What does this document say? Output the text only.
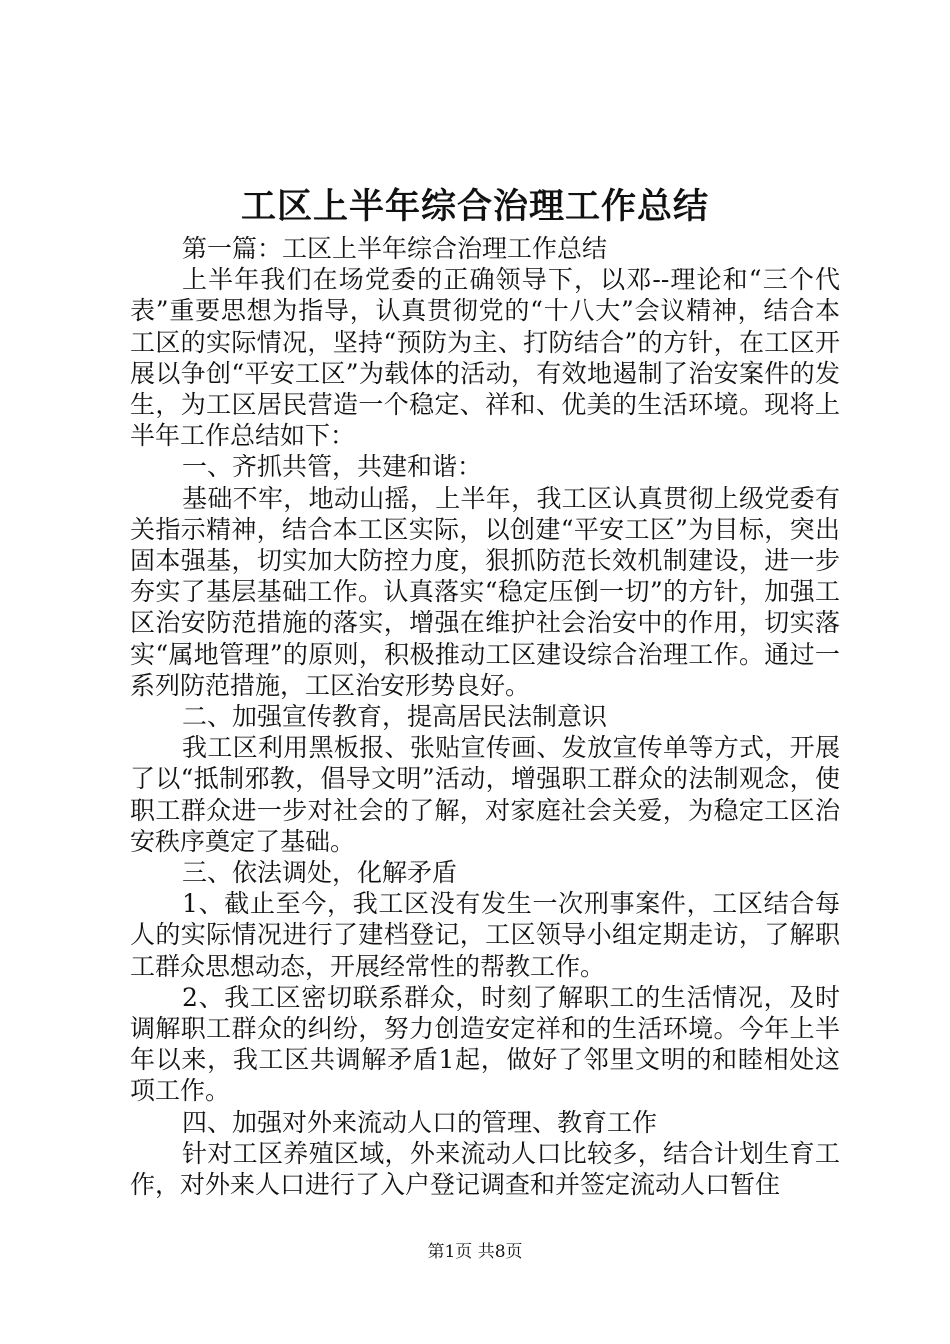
工区上半年综合治理工作总结

第一篇：工区上半年综合治理工作总结

上半年我们在场党委的正确领导下，以邓--理论和“三个代表”重要思想为指导，认真贯彻党的“十八大”会议精神，结合本工区的实际情况，坚持“预防为主、打防结合”的方针，在工区开展以争创“平安工区”为载体的活动，有效地遏制了治安案件的发生，为工区居民营造一个稳定、祥和、优美的生活环境。现将上半年工作总结如下：

一、齐抓共管，共建和谐：

基础不牢，地动山摇，上半年，我工区认真贯彻上级党委有关指示精神，结合本工区实际，以创建“平安工区”为目标，突出固本强基，切实加大防控力度，狠抓防范长效机制建设，进一步夯实了基层基础工作。认真落实“稳定压倒一切”的方针，加强工区治安防范措施的落实，增强在维护社会治安中的作用，切实落实“属地管理”的原则，积极推动工区建设综合治理工作。通过一系列防范措施，工区治安形势良好。

二、加强宣传教育，提高居民法制意识

我工区利用黑板报、张贴宣传画、发放宣传单等方式，开展了以“抵制邪教，倡导文明”活动，增强职工群众的法制观念，使职工群众进一步对社会的了解，对家庭社会关爱，为稳定工区治安秩序奠定了基础。

三、依法调处，化解矛盾

1、截止至今，我工区没有发生一次刑事案件，工区结合每人的实际情况进行了建档登记，工区领导小组定期走访，了解职工群众思想动态，开展经常性的帮教工作。

2、我工区密切联系群众，时刻了解职工的生活情况，及时调解职工群众的纠纷，努力创造安定祥和的生活环境。今年上半年以来，我工区共调解矛盾1起，做好了邻里文明的和睦相处这项工作。

四、加强对外来流动人口的管理、教育工作

针对工区养殖区域，外来流动人口比较多，结合计划生育工作，对外来人口进行了入户登记调查和并签定流动人口暂住

第1页 共8页
